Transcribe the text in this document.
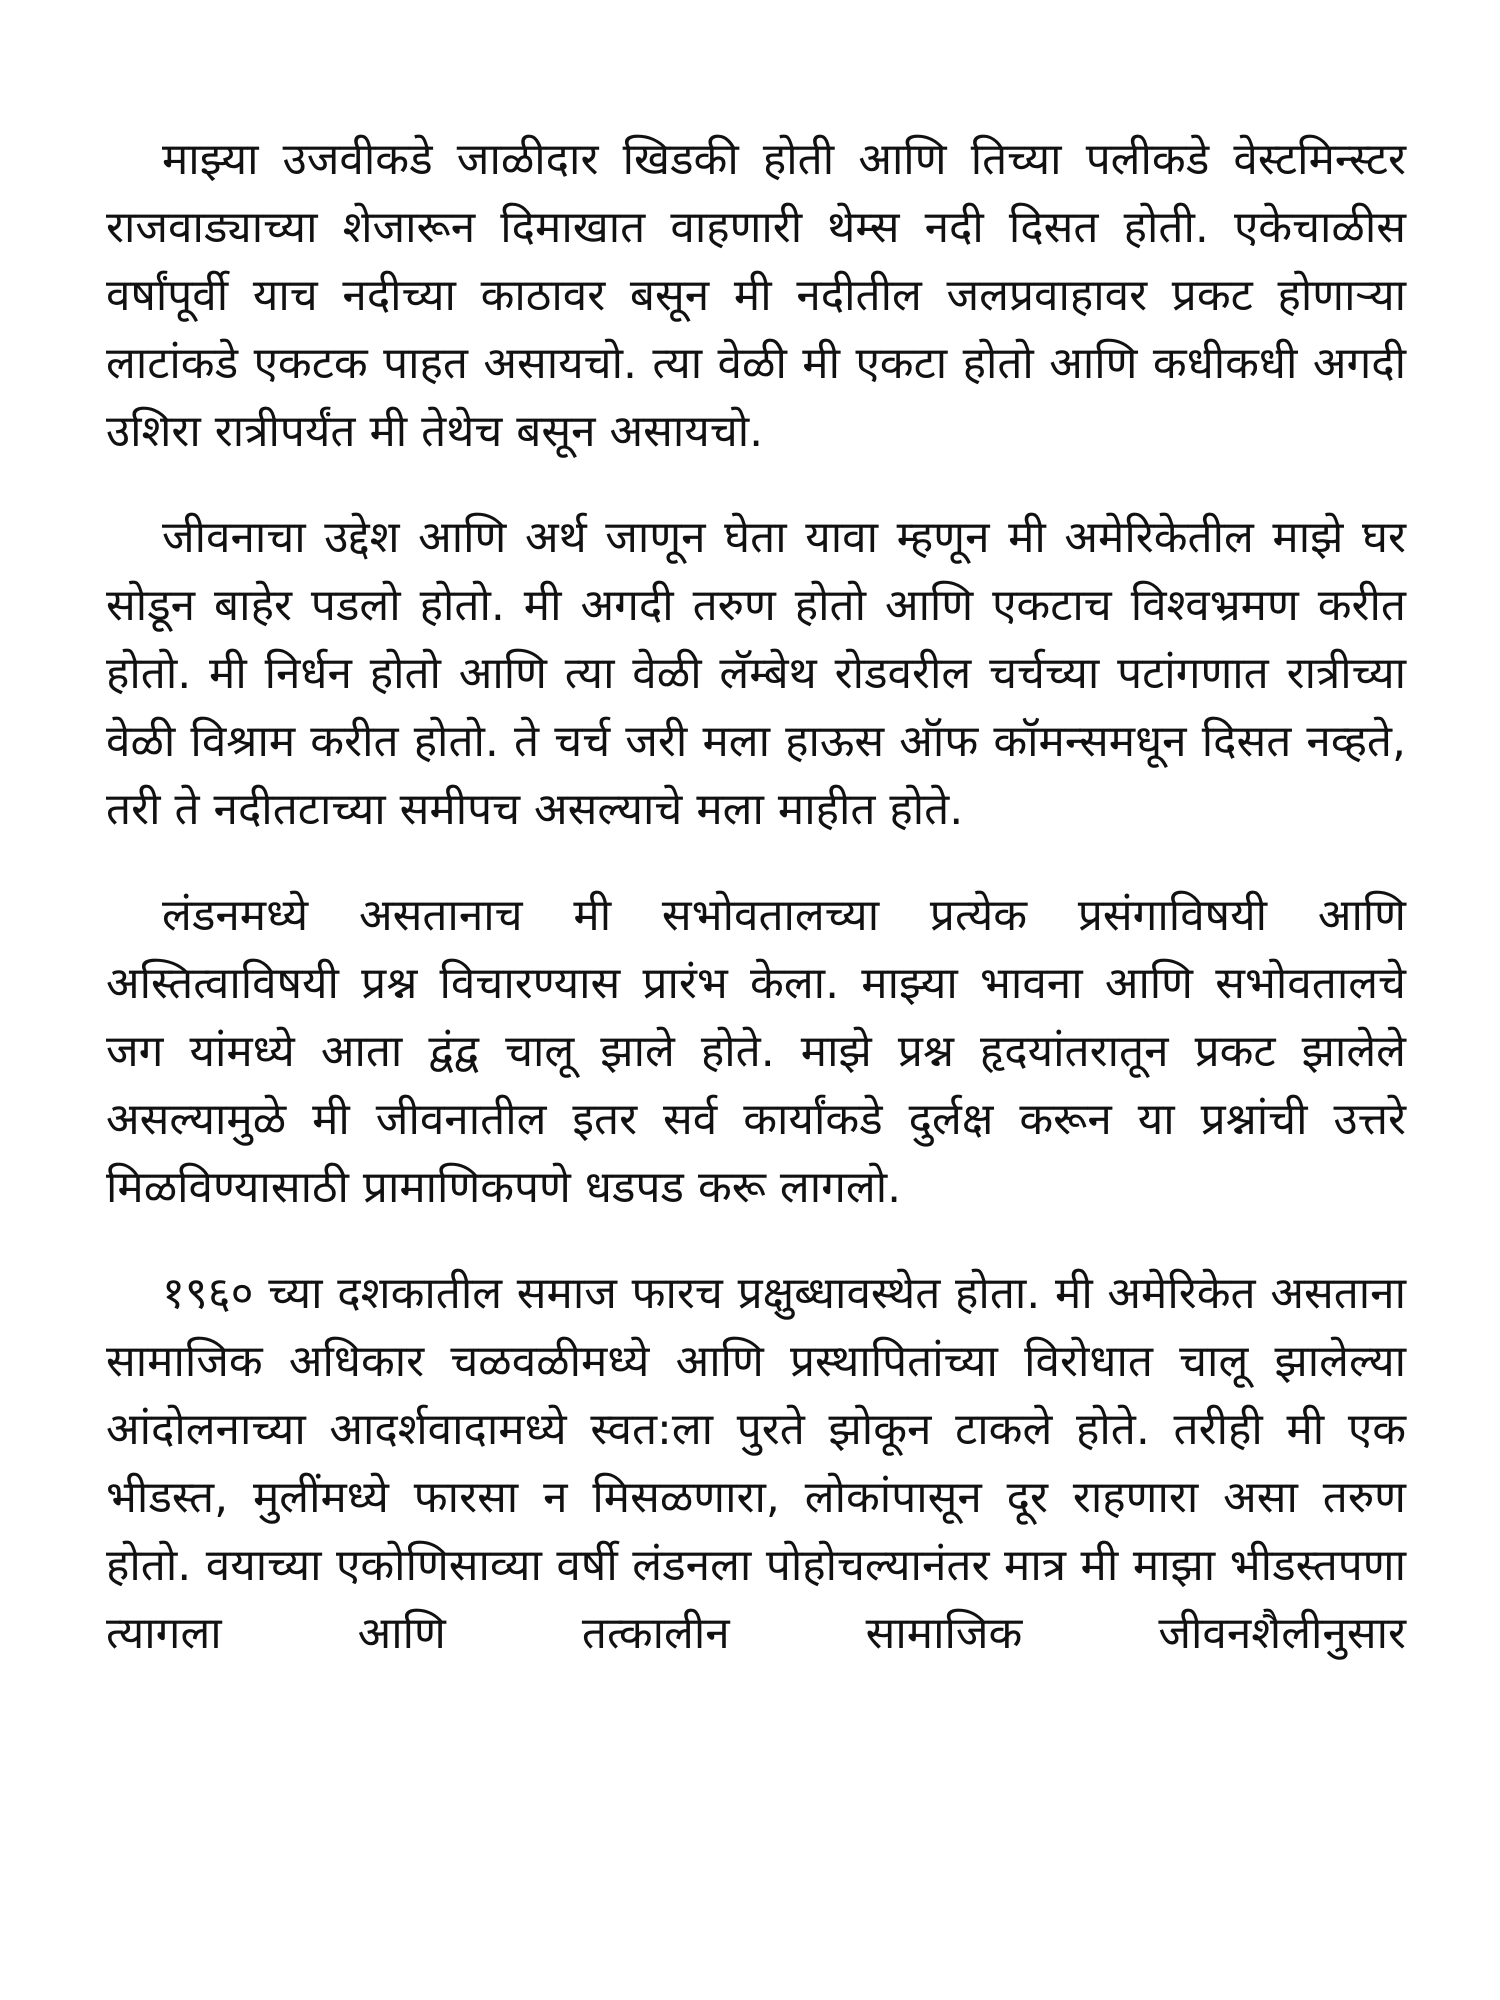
माझ्या उजवीकडे जाळीदार खिडकी होती आणि तिच्या पलीकडे वेस्टमिन्स्टर राजवाड्याच्या शेजारून दिमाखात वाहणारी थेम्स नदी दिसत होती. एकेचाळीस वर्षांपूर्वी याच नदीच्या काठावर बसून मी नदीतील जलप्रवाहावर प्रकट होणाऱ्या लाटांकडे एकटक पाहत असायचो. त्या वेळी मी एकटा होतो आणि कधीकधी अगदी उशिरा रात्रीपर्यंत मी तेथेच बसून असायचो.

जीवनाचा उद्देश आणि अर्थ जाणून घेता यावा म्हणून मी अमेरिकेतील माझे घर सोडून बाहेर पडलो होतो. मी अगदी तरुण होतो आणि एकटाच विश्वभ्रमण करीत होतो. मी निर्धन होतो आणि त्या वेळी लॅम्बेथ रोडवरील चर्चच्या पटांगणात रात्रीच्या वेळी विश्राम करीत होतो. ते चर्च जरी मला हाऊस ऑफ कॉमन्समधून दिसत नव्हते, तरी ते नदीतटाच्या समीपच असल्याचे मला माहीत होते.

लंडनमध्ये असतानाच मी सभोवतालच्या प्रत्येक प्रसंगाविषयी आणि अस्तित्वाविषयी प्रश्न विचारण्यास प्रारंभ केला. माझ्या भावना आणि सभोवतालचे जग यांमध्ये आता द्वंद्व चालू झाले होते. माझे प्रश्न हृदयांतरातून प्रकट झालेले असल्यामुळे मी जीवनातील इतर सर्व कार्यांकडे दुर्लक्ष करून या प्रश्नांची उत्तरे मिळविण्यासाठी प्रामाणिकपणे धडपड करू लागलो.

१९६० च्या दशकातील समाज फारच प्रक्षुब्धावस्थेत होता. मी अमेरिकेत असताना सामाजिक अधिकार चळवळीमध्ये आणि प्रस्थापितांच्या विरोधात चालू झालेल्या आंदोलनाच्या आदर्शवादामध्ये स्वत:ला पुरते झोकून टाकले होते. तरीही मी एक भीडस्त, मुलींमध्ये फारसा न मिसळणारा, लोकांपासून दूर राहणारा असा तरुण होतो. वयाच्या एकोणिसाव्या वर्षी लंडनला पोहोचल्यानंतर मात्र मी माझा भीडस्तपणा त्यागला आणि तत्कालीन सामाजिक जीवनशैलीनुसार
